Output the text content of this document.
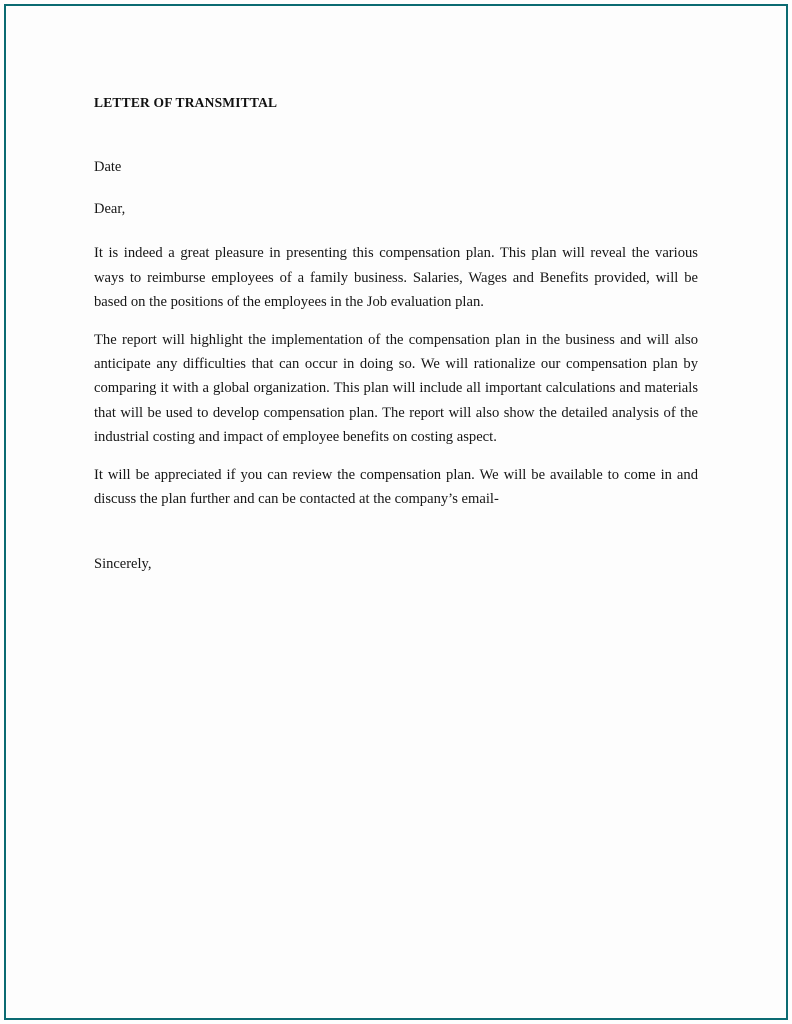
LETTER OF TRANSMITTAL

Date

Dear,

It is indeed a great pleasure in presenting this compensation plan. This plan will reveal the various ways to reimburse employees of a family business. Salaries, Wages and Benefits provided, will be based on the positions of the employees in the Job evaluation plan.

The report will highlight the implementation of the compensation plan in the business and will also anticipate any difficulties that can occur in doing so. We will rationalize our compensation plan by comparing it with a global organization. This plan will include all important calculations and materials that will be used to develop compensation plan. The report will also show the detailed analysis of the industrial costing and impact of employee benefits on costing aspect.

It will be appreciated if you can review the compensation plan. We will be available to come in and discuss the plan further and can be contacted at the company’s email-

Sincerely,
